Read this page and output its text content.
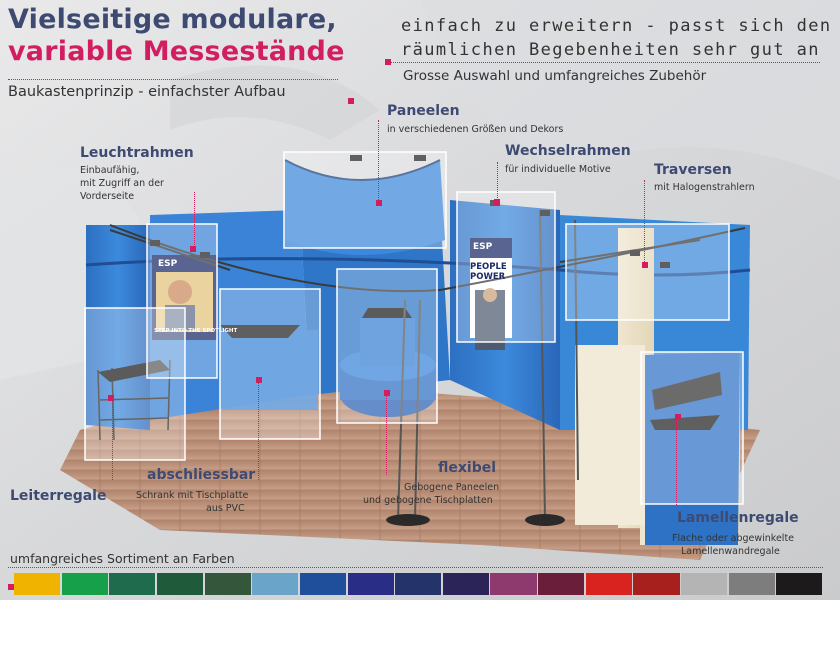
Vielseitige modulare,
variable Messestände
Baukastenprinzip - einfachster Aufbau
einfach zu erweitern - passt sich den
räumlichen Begebenheiten sehr gut an
Grosse Auswahl und umfangreiches Zubehör
Paneelen
in verschiedenen Größen und Dekors
Leuchtrahmen
Einbaufähig,
mit Zugriff an der
Vorderseite
Wechselrahmen
für individuelle Motive	Traversen
mit Halogenstrahlern
Leiterregale
abschliessbar
Schrank mit Tischplatte
aus PVC
flexibel
Gebogene Paneelen
und gebogene Tischplatten
Lamellenregale
Flache oder abgewinkelte
Lamellenwandregale
ESP
STEP INTO THE SPOTLIGHT
ESP
PEOPLE POWER
umfangreiches Sortiment an Farben
